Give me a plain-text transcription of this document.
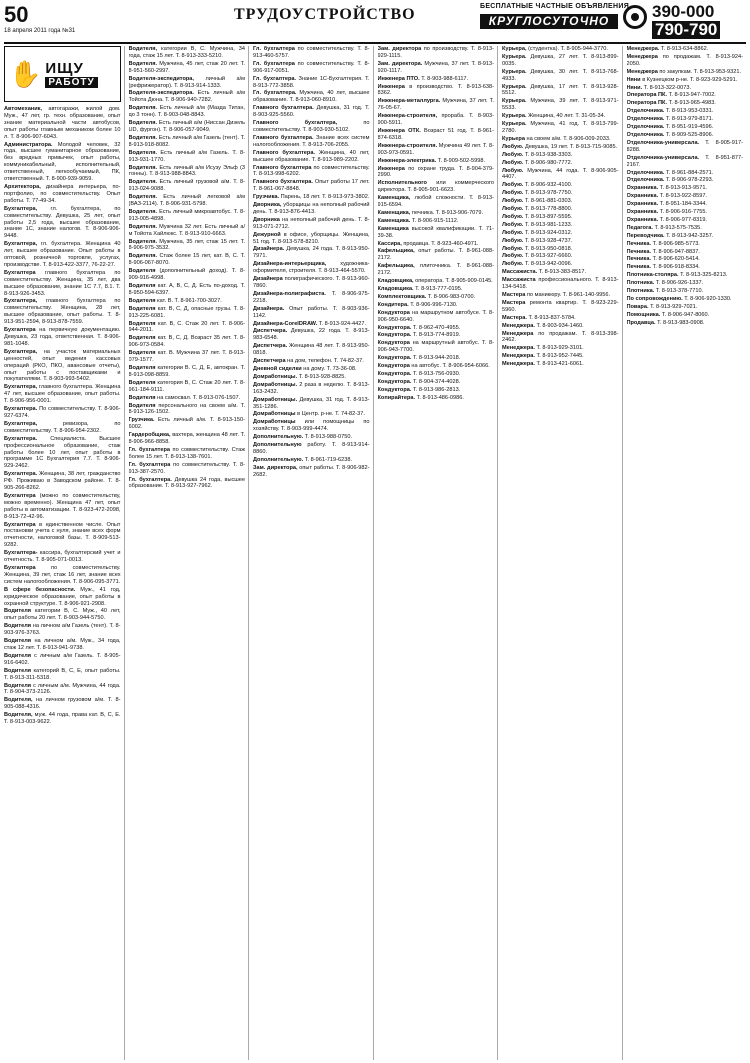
50
18 апреля 2011 года №31
ТРУДОУСТРОЙСТВО	БЕСПЛАТНЫЕ ЧАСТНЫЕ ОБЪЯВЛЕНИЯ
КРУГЛОСУТОЧНО	390-000
790-790
✋ ИЩУ
РАБОТУ

Автомеханик, автогаражи, жилой дом. Муж., 47 лет, гр. техн. образование, опыт знание материальной части автобусов, опыт работы главным механиком более 10 л. Т. 8-906-907-6043.

Администратора. Молодой человек, 32 года, высшее гуманитарное образование, без вредных привычек, опыт работы, коммуникабельный, исполнительный, ответственный, легкообучаемый, ПК, ответственный. Т. 8-900-939-9059.

Архитектора, дизайнера интерьера, по-портфолио, по совместительству. Опыт работы. Т. 77-49-34.

Бухгалтера, гл. бухгалтера, по совместительству. Девушка, 25 лет, опыт работы 2,5 года, высшее образование, знание 1С, знание налогов. Т. 8-906-906-9448.

Бухгалтера, гл. бухгалтера. Женщина 40 лет, высшее образование. Опыт работы в оптовой, розничной торговле, услугах, производстве. Т. 8-913-422-3377, 76-22-27.

Бухгалтера главного бухгалтера по совместительству. Женщина, 35 лет, два высшее образование, знание 1С 7.7, 8.1. Т. 8-913-926-3453.

Бухгалтера, главного бухгалтера по совместительству. Женщина, 28 лет, высшее образование, опыт работы. Т. 8-913-951-2594, 8-913-878-7559.

Бухгалтера на первичную документацию. Девушка, 23 года, ответственная. Т. 8-906-981-1048.

Бухгалтера, на участок материальных ценностей, опыт ведения кассовых операций (РКО, ПКО, авансовые отчеты), опыт работы с поставщиками и покупателями. Т. 8-903-993-5402.

Бухгалтера, главного бухгалтера. Женщина 47 лет, высшее образование, опыт работы. Т. 8-906-956-0001.

Бухгалтера. По совместительству. Т. 8-906-927-6374.

Бухгалтера,	ревизора, по совместительству. Т. 8-906-954-2302.

Бухгалтера. Специалиста. Высшее профессиональное образование, стаж работы более 10 лет, опыт работы в программе 1С Бухгалтерия 7.7. Т. 8-906-929-2462.

Бухгалтера. Женщина, 38 лет, гражданство РФ. Проживаю в Заводском районе. Т. 8-905-266-8262.

Бухгалтера (можно по совместительству, можно временно). Женщина 47 лет, опыт работы в автоматизации. Т. 8-923-472-2098, 8-913-72-42-96.

Бухгалтера в единственном числе. Опыт постановки учета с нуля, знание всех форм отчетности, налоговой базы. Т. 8-909-513-9282.

Бухгалтера- кассира, бухгалтерский учет и отчетность. Т. 8-905-071-0013.

Бухгалтера	по совместительству. Женщина, 39 лет, стаж 16 лет, знание всех систем налогообложения. Т. 8-906-095-3771.

В сфере безопасности. Муж., 41 год, юридическое образование, опыт работы в охранной структуре. Т. 8-906-921-2908.

Водителя категории В, С. Муж., 40 лет, опыт работы 20 лет. Т. 8-903-944-5750.

Водителя на личном а/м Газель (тент). Т. 8-903-976-3763.

Водителя на личном а/м. Муж., 34 года, стаж 12 лет. Т. 8-913-941-9738.

Водителя с личным а/м Газель. Т. 8-905-916-6402.

Водителя категорий В, С, Е, опыт работы. Т. 8-913-311-5318.

Водителя с личным а/м. Мужчина, 44 года. Т. 8-904-373-2126.

Водителя, на личном грузовом а/м. Т. 8-905-088-4316.

Водителя, муж. 44 года, права кат. В, С, Е. Т. 8-913-003-9622.

Водителя, категории В, С. Мужчина, 34 года, стаж 15 лет. Т. 8-913-333-5210.

Водителя. Мужчина, 45 лет, стаж 20 лет. Т. 8-951-560-2997.

Водителя-экспедитора, личный а/м (рефрижератор). Т. 8-913-914-1333.

Водителя-экспедитора. Есть личный а/м Тойота Дюна. Т. 8-906-940-7282.

Водителя. Есть личный а/м (Мазда Титан, до 3 тонн). Т. 8-903-048-8843.

Водителя. Есть личный а/м (Ниссан Дизель UD, фургон). Т. 8-906-057-9049.

Водителя. Есть личный а/м Газель (тент). Т. 8-913-918-8082.

Водителя. Есть личный а/м Газель. Т. 8-913-931-1770.

Водителя. Есть личный а/м Исузу Эльф (3 тонны). Т. 8-913-988-8843.

Водителя. Есть личный грузовой а/м. Т. 8-913-024-9088.

Водителя. Есть личный легковой а/м (ВАЗ-2114). Т. 8-906-931-5798.

Водителя. Есть личный микроавтобус. Т. 8-913-005-4898.

Водителя. Мужчина 32 лет. Есть личный а/м Тойота Хайлюкс. Т. 8-913-910-6663.

Водителя. Мужчина, 35 лет, стаж 15 лет. Т. 8-906-975-3532.

Водителя. Стаж более 15 лет, кат. В, С. Т. 8-906-067-8070.

Водителя (дополнительный доход). Т. 8-909-916-4998.

Водителя кат. А, В, С, Д. Есть по-доход. Т. 8-950-594-6397.

Водителя кат. В. Т. 8-961-700-3027.

Водителя кат. В, С, Д, опасные грузы. Т. 8-913-225-6081.

Водителя кат. В, С. Стаж 20 лет. Т. 8-906-944-2011.

Водителя кат. В, С, Д. Возраст 35 лет. Т. 8-906-973-0584.

Водителя кат. В. Мужчина 37 лет. Т. 8-913-079-1577.

Водителя категории В. С, Д, Е, автокран. Т. 8-913-098-8859.

Водителя категория В, С. Стаж 20 лет. Т. 8-961-184-9111.

Водителя на самосвал. Т. 8-913-076-1507.

Водителя персонального на своем а/м. Т. 8-913-126-1502.

Грузчика. Есть личный а/м. Т. 8-913-150-6002.

Гардеробщика, вахтера, женщина 48 лет. Т. 8-906-966-8858.

Гл. бухгалтера по совместительству. Стаж более 15 лет. Т. 8-913-138-7601.

Гл. бухгалтера по совместительству. Т. 8-913-387-2570.

Гл. бухгалтера. Девушка 24 года, высшее образование. Т. 8-913-927-7962.

Гл. бухгалтера по совместительству. Т. 8-913-460-5757.

Гл. бухгалтера по совместительству. Т. 8-906-917-0051.

Гл. бухгалтера. Знание 1С-Бухгалтерия. Т. 8-913-772-3858.

Гл. бухгалтера. Мужчина, 40 лет, высшее образование. Т. 8-913-060-8910.

Главного бухгалтера. Девушка, 31 год. Т. 8-903-925-5560.

Главного бухгалтера,	по совместительству. Т. 8-903-930-5102.

Главного бухгалтера. Знание всех систем налогообложения. Т. 8-913-706-2055.

Главного бухгалтера. Женщина, 40 лет, высшее образование. Т. 8-913-989-2202.

Главного бухгалтера по совместительству. Т. 8-913-998-6202.

Главного бухгалтера. Опыт работы 17 лет. Т. 8-961-067-8848.

Грузчика. Парень, 18 лет. Т. 8-913-973-3802.

Дворника, уборщицы на неполный рабочий день. Т. 8-913-876-4413.

Дворника на неполный рабочий день. Т. 8-913-071-2712.

Дежурной в офисе, уборщицы. Женщина, 51 год. Т. 8-913-578-8210.

Дизайнера. Девушка, 24 года. Т. 8-913-950-7971.

Дизайнера-интерьерщика,	художника-оформителя, строителя. Т. 8-913-464-5570.

Дизайнера полиграфического. Т. 8-913-960-7860.

Дизайнера-полиграфиста. Т. 8-906-975-2218.

Дизайнера. Опыт работы. Т. 8-903-936-1142.

Дизайнера-CorelDRAW. Т. 8-913-924-4427.

Диспетчера. Девушка, 22 года. Т. 8-913-983-6548.

Диспетчера. Женщина 48 лет. Т. 8-913-950-0818.

Диспетчера на дом, телефон. Т. 74-82-37.

Дневной сиделки на дому. Т. 73-36-08.

Домработницы. Т. 8-913-928-8825.

Домработницы. 2 раза в неделю. Т. 8-913-163-2432.

Домработницы. Девушка, 31 год. Т. 8-913-351-1286.

Домработницы в Центр. р-не. Т. 74-82-37.

Домработницы или помощницы по хозяйству. Т. 8-903-999-4474.

Дополнительную. Т. 8-913-988-0750.

Дополнительную работу. Т. 8-913-914-8860.

Дополнительную. Т. 8-961-719-6238.

Зам. директора, опыт работы. Т. 8-906-982-2682.

Зам. директора по производству. Т. 8-913-929-1115.

Зам. директора. Мужчина, 37 лет. Т. 8-913-920-1117.

Инженера ПТО. Т. 8-903-988-6117.

Инженера в производство. Т. 8-913-638-8362.

Инженера-металлурга. Мужчина, 37 лет. Т. 76-05-67.

Инженера-строителя, прораба. Т. 8-903-900-5911.

Инженера ОТК. Возраст 51 год. Т. 8-961-874-6318.

Инженера-строителя. Мужчина 49 лет. Т. 8-903-973-0591.

Инженера-электрика. Т. 8-909-502-5998.

Инженера по охране труда. Т. 8-904-379-2990.

Исполнительного или коммерческого директора. Т. 8-905-901-6623.

Каменщика, любой сложности. Т. 8-913-915-6594.

Каменщика, печника. Т. 8-913-906-7079.

Каменщика. Т. 8-906-915-1112.

Каменщика высокой квалификации. Т. 71-39-38.

Кассира, продавца. Т. 8-923-460-4971.

Кафельщика, опыт работы. Т. 8-961-088-2172.

Кафельщика, плиточника. Т. 8-961-088-2172.

Кладовщика, оператора. Т. 8-905-909-0145.

Кладовщика. Т. 8-913-777-0195.

Комплектовщика. Т. 8-906-983-0700.

Кондитера. Т. 8-906-996-7130.

Кондуктора на маршрутном автобусе. Т. 8-906-950-6640.

Кондуктора. Т. 8-962-470-4955.

Кондуктора. Т. 8-913-774-8919.

Кондуктора на маршрутный автобус. Т. 8-906-943-7700.

Кондуктора. Т. 8-913-944-2018.

Кондуктора на автобус. Т. 8-906-954-6066.

Кондуктора. Т. 8-913-756-0930.

Кондуктора. Т. 8-904-374-4028.

Кондуктора. Т. 8-913-986-2813.

Копирайтера. Т. 8-913-486-0986.

Курьера, (студентка). Т. 8-905-944-3770.

Курьера. Девушка, 27 лет. Т. 8-913-899-0035.

Курьера. Девушка, 30 лет. Т. 8-913-768-4933.

Курьера. Девушка, 17 лет. Т. 8-913-928-5512.

Курьера. Мужчина, 39 лет. Т. 8-913-971-5533.

Курьера. Женщина, 40 лет. Т. 31-05-34.

Курьера. Мужчина, 41 год. Т. 8-913-799-2780.

Курьера на своем а/м. Т. 8-906-009-2033.

Любую. Девушка, 19 лет. Т. 8-913-715-9085.

Любую. Т. 8-913-938-3303.

Любую. Т. 8-906-980-7772.

Любую. Мужчина, 44 года. Т. 8-906-905-4407.

Любую. Т. 8-906-932-4100.

Любую. Т. 8-913-978-7750.

Любую. Т. 8-961-881-0303.

Любую. Т. 8-913-778-8800.

Любую. Т. 8-913-897-5595.

Любую. Т. 8-913-981-1233.

Любую. Т. 8-913-924-0312.

Любую. Т. 8-913-928-4737.

Любую. Т. 8-913-950-0818.

Любую. Т. 8-913-927-6660.

Любую. Т. 8-913-942-0096.

Массажиста. Т. 8-913-383-8517.

Массажиста профессионального. Т. 8-913-134-5418.

Мастера по маникюру. Т. 8-961-140-9956.

Мастера ремонта квартир. Т. 8-923-229-5960.

Мастера. Т. 8-913-837-5784.

Менеджера. Т. 8-903-934-1460.

Менеджера по продажам. Т. 8-913-398-2462.

Менеджера. Т. 8-913-929-3101.

Менеджера. Т. 8-913-952-7445.

Менеджера. Т. 8-913-421-6061.

Менеджера. Т. 8-913-634-8862.

Менеджера по продажам. Т. 8-913-924-2050.

Менеджера по закупкам. Т. 8-913-953-9321.

Няни в Кузнецком р-не. Т. 8-923-929-5291.

Няни. Т. 8-913-322-0073.

Оператора ПК. Т. 8-913-947-7002.

Оператора ПК. Т. 8-913-965-4983.

Отделочника. Т. 8-913-953-0331.

Отделочника. Т. 8-913-979-8171.

Отделочника. Т. 8-951-919-4596.

Отделочника. Т. 8-909-525-8906.

Отделочника-универсала. Т. 8-905-917-8288.

Отделочника-универсала. Т. 8-951-877-2167.

Отделочника. Т. 8-961-884-2571.

Отделочника. Т. 8-906-978-2293.

Охранника. Т. 8-913-913-9571.

Охранника. Т. 8-913-922-8597.

Охранника. Т. 8-951-184-3344.

Охранника. Т. 8-906-916-7755.

Охранника. Т. 8-906-977-8319.

Педагога. Т. 8-913-575-7535.

Переводчика. Т. 8-913-942-3257.

Печника. Т. 8-906-985-5773.

Печника. Т. 8-906-947-8837.

Печника. Т. 8-906-620-5414.

Печника. Т. 8-906-918-8334.

Плотника-столяра. Т. 8-913-325-8213.

Плотника. Т. 8-906-926-1337.

Плотника. Т. 8-913-378-7710.

По сопровождению. Т. 8-906-920-1330.

Повара. Т. 8-913-929-7021.

Помощника. Т. 8-906-947-8060.

Продавца. Т. 8-913-983-0908.
